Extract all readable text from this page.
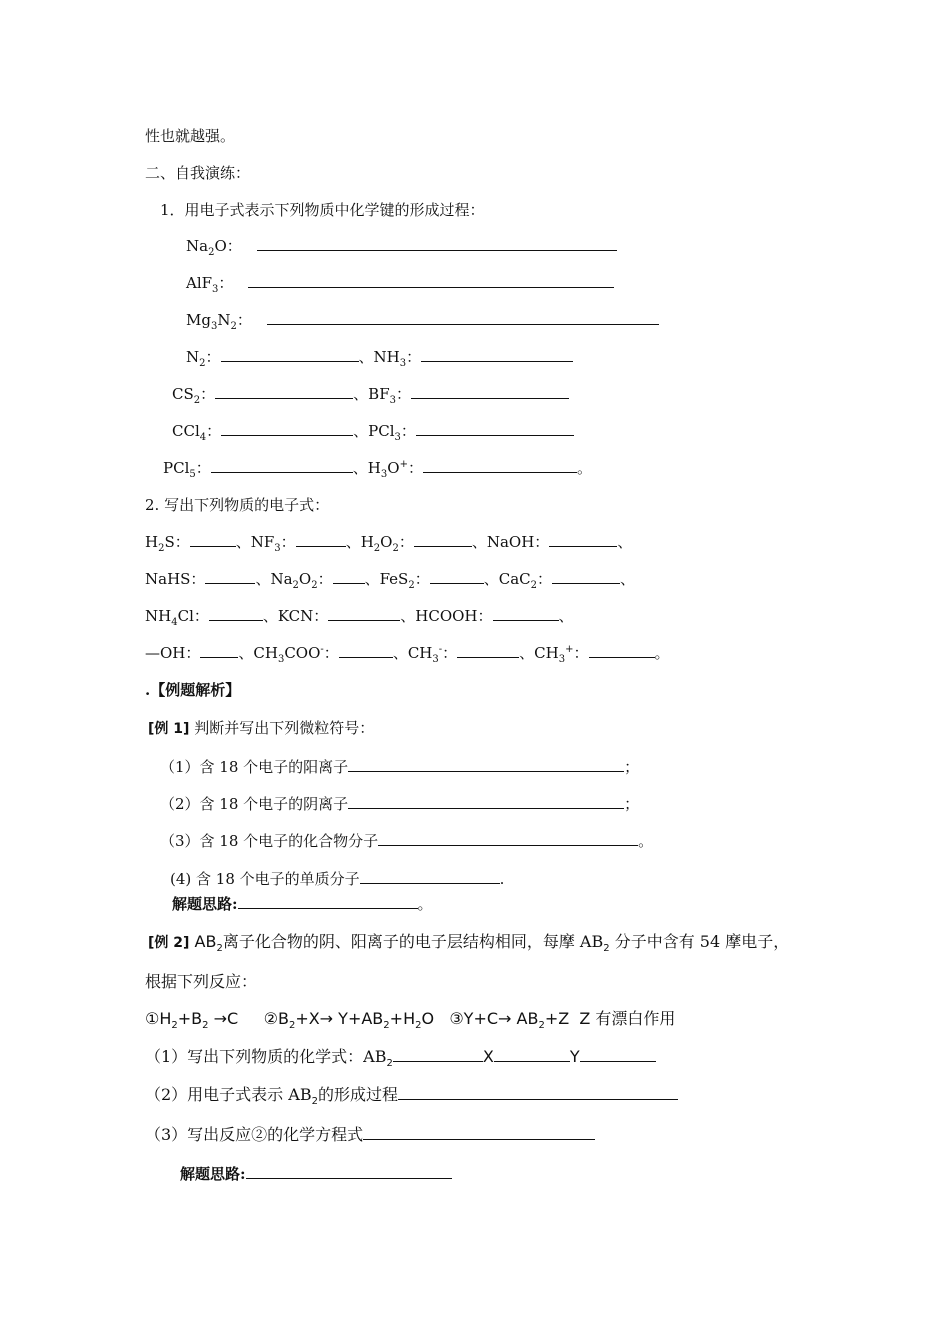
性也就越强。
二、自我演练：
1．用电子式表示下列物质中化学键的形成过程：
$Na_2O$：
AlF$_3$：
$Mg_3N_2$：
$N_2$：	、$NH_3$：
$CS_2$：	、$BF_3$：
CCl$_4$：	、PCl$_3$：
PCl$_5$：	、$H_3O^+$：	。
2. 写出下列物质的电子式：
$H_2S$：	、$NF_3$：	、$H_2O_2$：	、NaOH：	、
NaHS：	、$Na_2O_2$： 、FeS$_2$：	、CaC$_2$：	、
$NH_4Cl$：	、KCN：	、HCOOH：	、
—OH：	、$CH_3COO^-$：	、$CH_3^-$：	、$CH_3^+$：	。
.【例题解析】
[例 1] 判断并写出下列微粒符号：
（1）含 18 个电子的阳离子	；
（2）含 18 个电子的阴离子	；
（3）含 18 个电子的化合物分子	。
(4) 含 18 个电子的单质分子	.
解题思路:	。
[例 2] $AB_2$离子化合物的阴、阳离子的电子层结构相同，每摩 $AB_2$ 分子中含有 54 摩电子，
根据下列反应：
$①H_2+B_2 \to C$     $②B_2+X\to Y+AB_2+H_2O$   ③Y+C→ $AB_2+Z$  Z 有漂白作用
（1）写出下列物质的化学式：$AB_2$	X	Y
（2）用电子式表示 $AB_2$的形成过程
（3）写出反应②的化学方程式
解题思路:
